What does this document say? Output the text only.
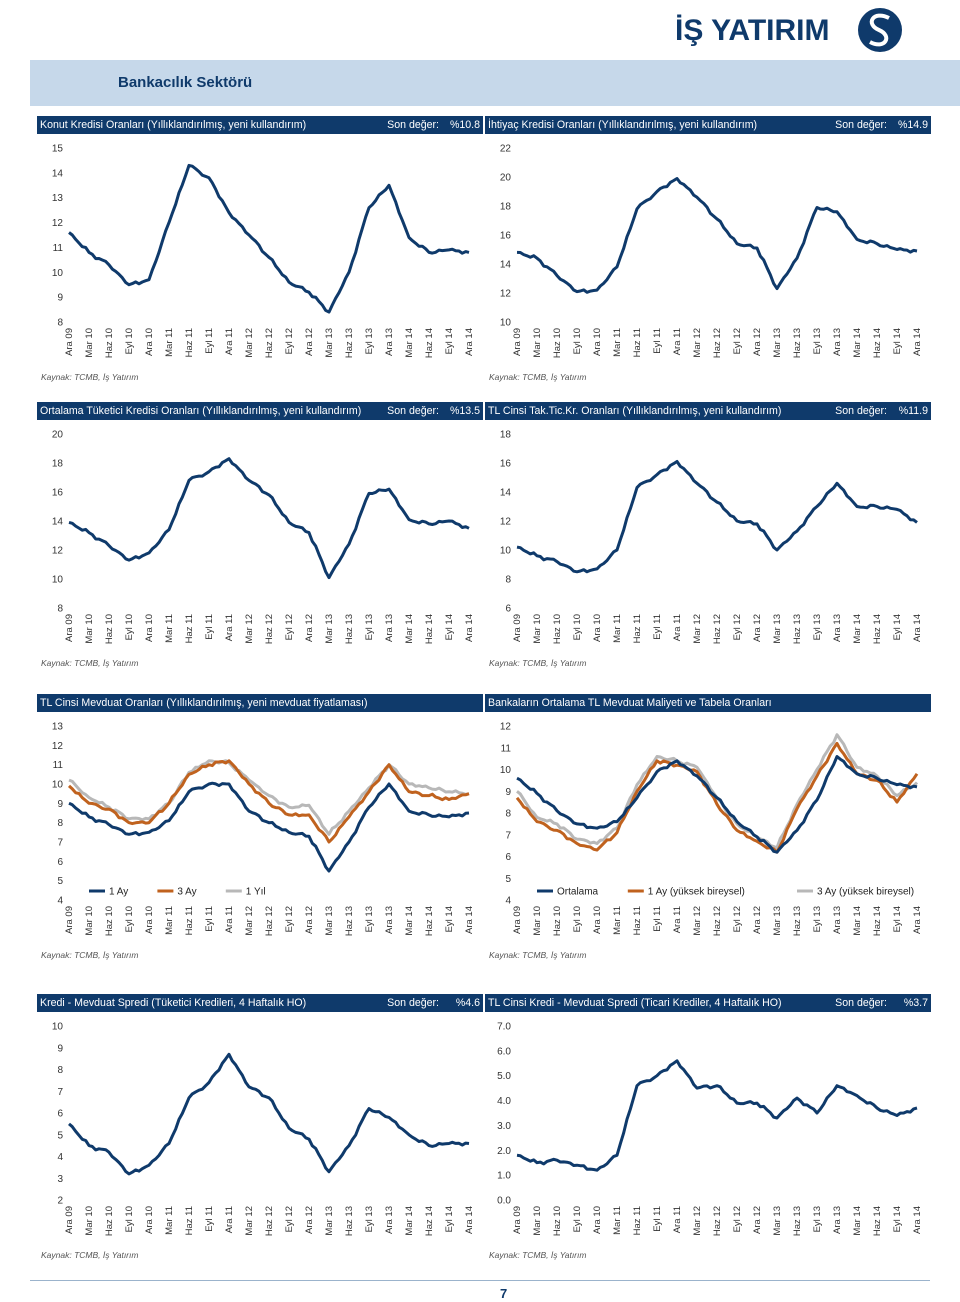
İŞ YATIRIM
Bankacılık Sektörü
Konut Kredisi Oranları (Yıllıklandırılmış, yeni kullandırım)	Son değer: %10.8
8
9
10
11
12
13
14
15
Ara 09 Mar 10 Haz 10 Eyl 10 Ara 10 Mar 11 Haz 11 Eyl 11 Ara 11 Mar 12 Haz 12 Eyl 12 Ara 12 Mar 13 Haz 13 Eyl 13 Ara 13 Mar 14 Haz 14 Eyl 14 Ara 14
Kaynak: TCMB, İş Yatırım
İhtiyaç Kredisi Oranları (Yıllıklandırılmış, yeni kullandırım)	Son değer: %14.9
10
12
14
16
18
20
22
Ara 09 Mar 10 Haz 10 Eyl 10 Ara 10 Mar 11 Haz 11 Eyl 11 Ara 11 Mar 12 Haz 12 Eyl 12 Ara 12 Mar 13 Haz 13 Eyl 13 Ara 13 Mar 14 Haz 14 Eyl 14 Ara 14
Kaynak: TCMB, İş Yatırım
Ortalama Tüketici Kredisi Oranları (Yıllıklandırılmış, yeni kullandırım) Son değer: %13.5
8
10
12
14
16
18
20
Ara 09 Mar 10 Haz 10 Eyl 10 Ara 10 Mar 11 Haz 11 Eyl 11 Ara 11 Mar 12 Haz 12 Eyl 12 Ara 12 Mar 13 Haz 13 Eyl 13 Ara 13 Mar 14 Haz 14 Eyl 14 Ara 14
Kaynak: TCMB, İş Yatırım
TL Cinsi Tak.Tic.Kr. Oranları (Yıllıklandırılmış, yeni kullandırım)	Son değer: %11.9
6
8
10
12
14
16
18
Ara 09 Mar 10 Haz 10 Eyl 10 Ara 10 Mar 11 Haz 11 Eyl 11 Ara 11 Mar 12 Haz 12 Eyl 12 Ara 12 Mar 13 Haz 13 Eyl 13 Ara 13 Mar 14 Haz 14 Eyl 14 Ara 14
Kaynak: TCMB, İş Yatırım
TL Cinsi Mevduat Oranları (Yıllıklandırılmış, yeni mevduat fiyatlaması)
4
5
6
7
8
9
10
11
12
13
Ara 09 Mar 10 Haz 10 Eyl 10 Ara 10 Mar 11 Haz 11 Eyl 11 Ara 11 Mar 12 Haz 12 Eyl 12 Ara 12 Mar 13 Haz 13 Eyl 13 Ara 13 Mar 14 Haz 14 Eyl 14 Ara 14
1 Ay	3 Ay	1 Yıl
Kaynak: TCMB, İş Yatırım
Bankaların Ortalama TL Mevduat Maliyeti ve Tabela Oranları
4
5
6
7
8
9
10
11
12
Ara 09 Mar 10 Haz 10 Eyl 10 Ara 10 Mar 11 Haz 11 Eyl 11 Ara 11 Mar 12 Haz 12 Eyl 12 Ara 12 Mar 13 Haz 13 Eyl 13 Ara 13 Mar 14 Haz 14 Eyl 14 Ara 14
Ortalama	1 Ay (yüksek bireysel)	3 Ay (yüksek bireysel)
Kaynak: TCMB, İş Yatırım
Kredi - Mevduat Spredi (Tüketici Kredileri, 4 Haftalık HO)	Son değer: %4.6
2
3
4
5
6
7
8
9
10
Ara 09 Mar 10 Haz 10 Eyl 10 Ara 10 Mar 11 Haz 11 Eyl 11 Ara 11 Mar 12 Haz 12 Eyl 12 Ara 12 Mar 13 Haz 13 Eyl 13 Ara 13 Mar 14 Haz 14 Eyl 14 Ara 14
Kaynak: TCMB, İş Yatırım
TL Cinsi Kredi - Mevduat Spredi (Ticari Krediler, 4 Haftalık HO)	Son değer: %3.7
0.0
1.0
2.0
3.0
4.0
5.0
6.0
7.0
Ara 09 Mar 10 Haz 10 Eyl 10 Ara 10 Mar 11 Haz 11 Eyl 11 Ara 11 Mar 12 Haz 12 Eyl 12 Ara 12 Mar 13 Haz 13 Eyl 13 Ara 13 Mar 14 Haz 14 Eyl 14 Ara 14
Kaynak: TCMB, İş Yatırım
7
